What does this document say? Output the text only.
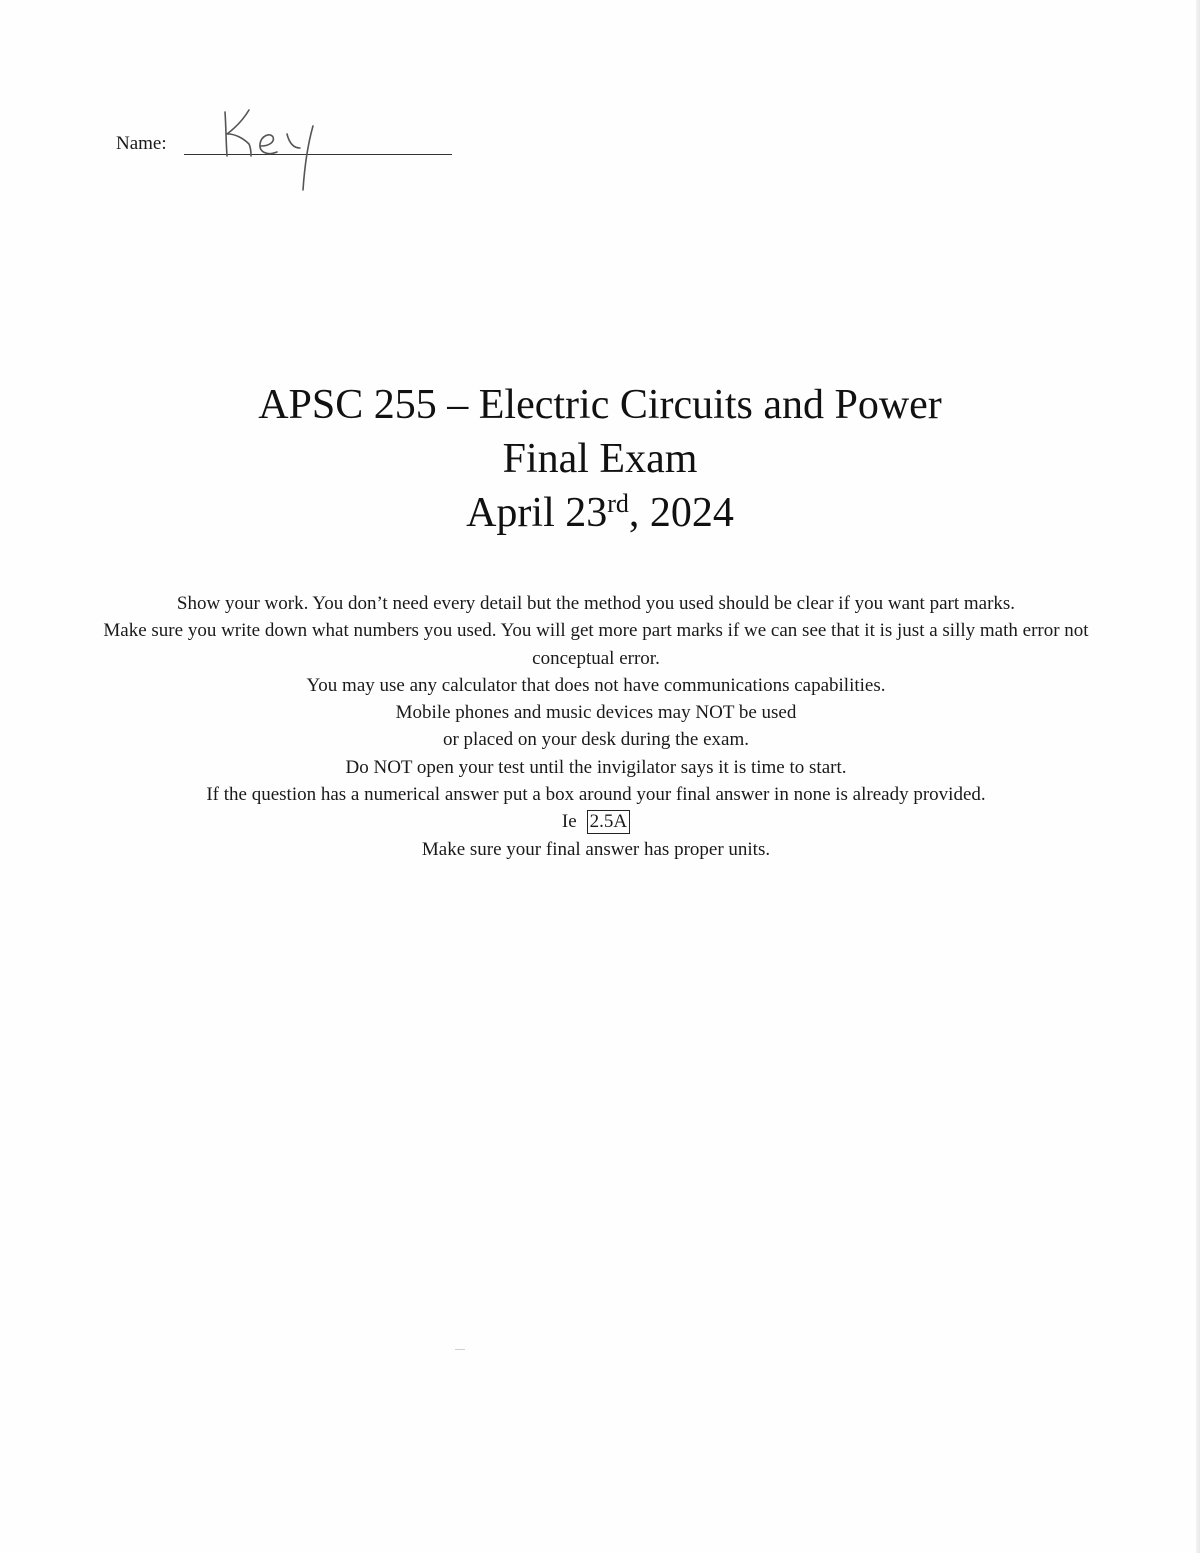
Name:
APSC 255 – Electric Circuits and Power
Final Exam
April 23rd, 2024

Show your work. You don’t need every detail but the method you used should be clear if you want part marks.

Make sure you write down what numbers you used. You will get more part marks if we can see that it is just a silly math error not conceptual error.

You may use any calculator that does not have communications capabilities.

Mobile phones and music devices may NOT be used

or placed on your desk during the exam.

Do NOT open your test until the invigilator says it is time to start.

If the question has a numerical answer put a box around your final answer in none is already provided.

Ie 2.5A

Make sure your final answer has proper units.
